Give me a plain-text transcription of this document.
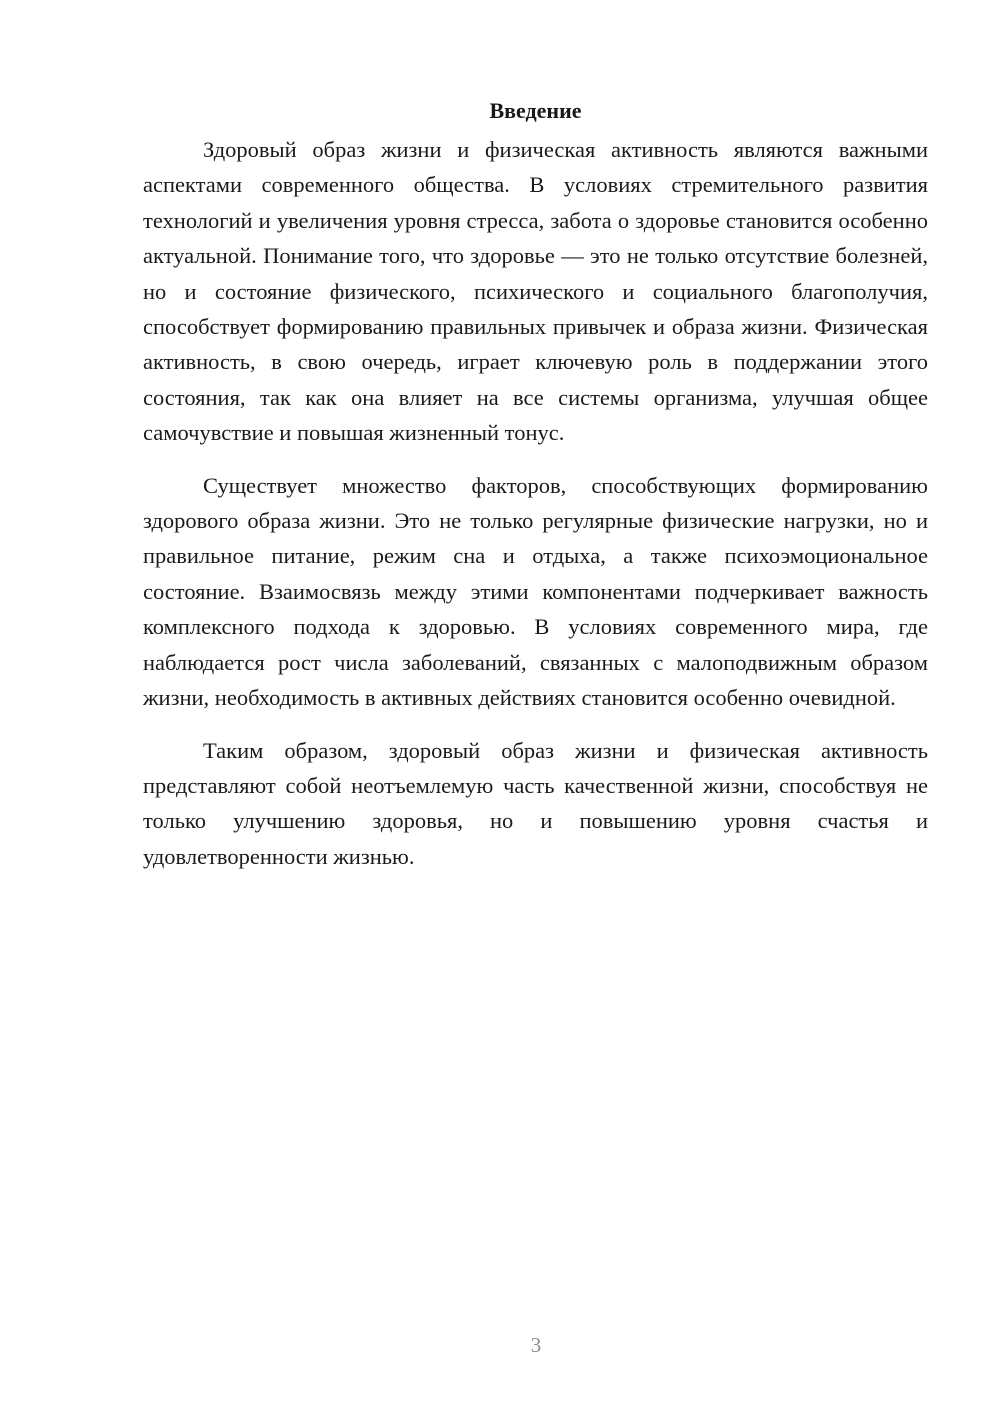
Введение

Здоровый образ жизни и физическая активность являются важными аспектами современного общества. В условиях стремительного развития технологий и увеличения уровня стресса, забота о здоровье становится особенно актуальной. Понимание того, что здоровье — это не только отсутствие болезней, но и состояние физического, психического и социального благополучия, способствует формированию правильных привычек и образа жизни. Физическая активность, в свою очередь, играет ключевую роль в поддержании этого состояния, так как она влияет на все системы организма, улучшая общее самочувствие и повышая жизненный тонус.

Существует множество факторов, способствующих формированию здорового образа жизни. Это не только регулярные физические нагрузки, но и правильное питание, режим сна и отдыха, а также психоэмоциональное состояние. Взаимосвязь между этими компонентами подчеркивает важность комплексного подхода к здоровью. В условиях современного мира, где наблюдается рост числа заболеваний, связанных с малоподвижным образом жизни, необходимость в активных действиях становится особенно очевидной.

Таким образом, здоровый образ жизни и физическая активность представляют собой неотъемлемую часть качественной жизни, способствуя не только улучшению здоровья, но и повышению уровня счастья и удовлетворенности жизнью.

3
